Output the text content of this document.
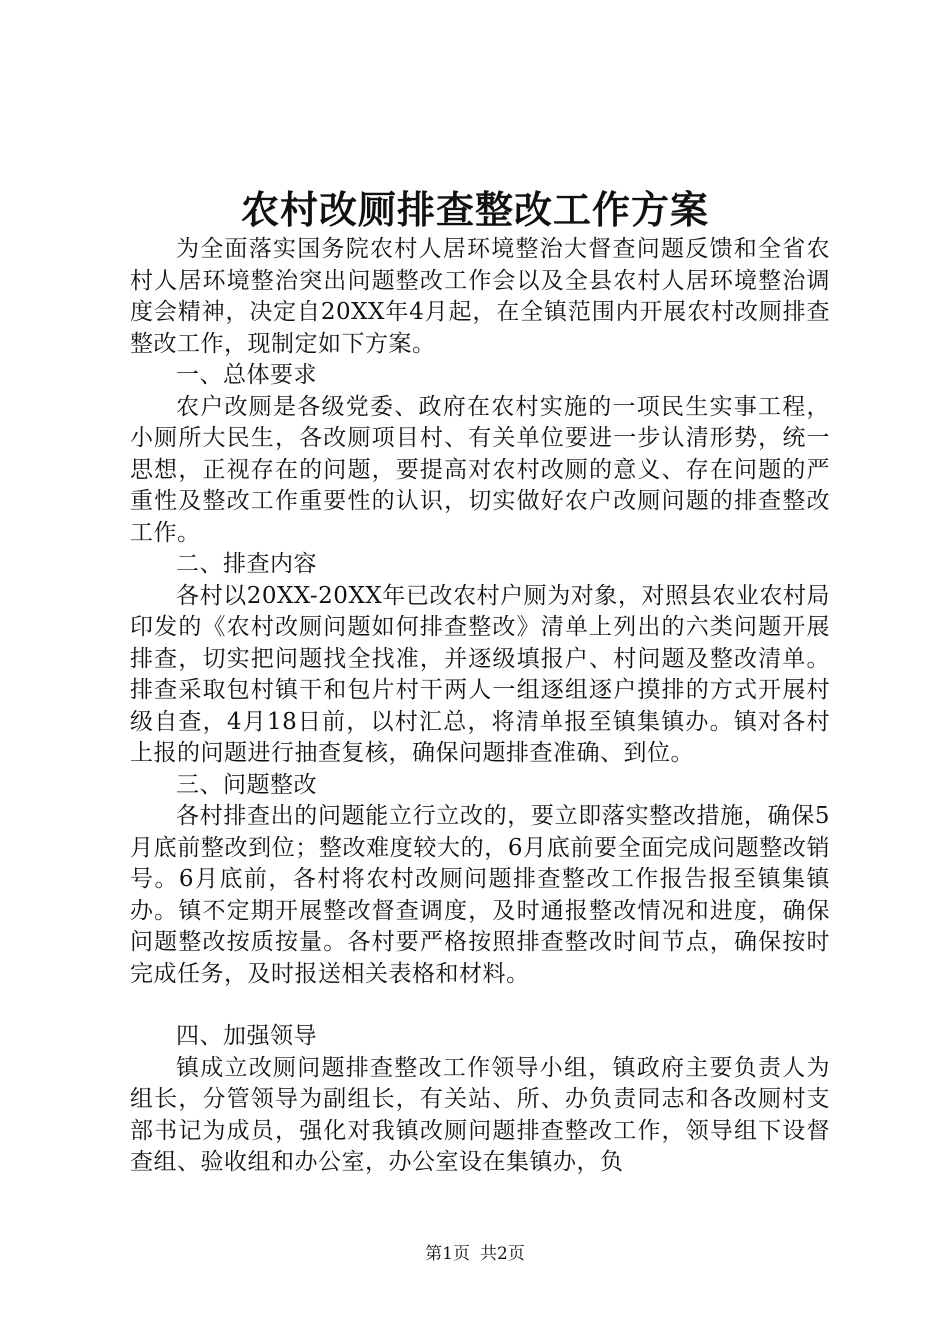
农村改厕排查整改工作方案

为全面落实国务院农村人居环境整治大督查问题反馈和全省农村人居环境整治突出问题整改工作会以及全县农村人居环境整治调度会精神，决定自20XX年4月起，在全镇范围内开展农村改厕排查整改工作，现制定如下方案。

一、总体要求

农户改厕是各级党委、政府在农村实施的一项民生实事工程，小厕所大民生，各改厕项目村、有关单位要进一步认清形势，统一思想，正视存在的问题，要提高对农村改厕的意义、存在问题的严重性及整改工作重要性的认识，切实做好农户改厕问题的排查整改工作。

二、排查内容

各村以20XX-20XX年已改农村户厕为对象，对照县农业农村局印发的《农村改厕问题如何排查整改》清单上列出的六类问题开展排查，切实把问题找全找准，并逐级填报户、村问题及整改清单。排查采取包村镇干和包片村干两人一组逐组逐户摸排的方式开展村级自查，4月18日前，以村汇总，将清单报至镇集镇办。镇对各村上报的问题进行抽查复核，确保问题排查准确、到位。

三、问题整改

各村排查出的问题能立行立改的，要立即落实整改措施，确保5月底前整改到位；整改难度较大的，6月底前要全面完成问题整改销号。6月底前，各村将农村改厕问题排查整改工作报告报至镇集镇办。镇不定期开展整改督查调度，及时通报整改情况和进度，确保问题整改按质按量。各村要严格按照排查整改时间节点，确保按时完成任务，及时报送相关表格和材料。

四、加强领导

镇成立改厕问题排查整改工作领导小组，镇政府主要负责人为组长，分管领导为副组长，有关站、所、办负责同志和各改厕村支部书记为成员，强化对我镇改厕问题排查整改工作，领导组下设督查组、验收组和办公室，办公室设在集镇办，负

第1页 共2页
